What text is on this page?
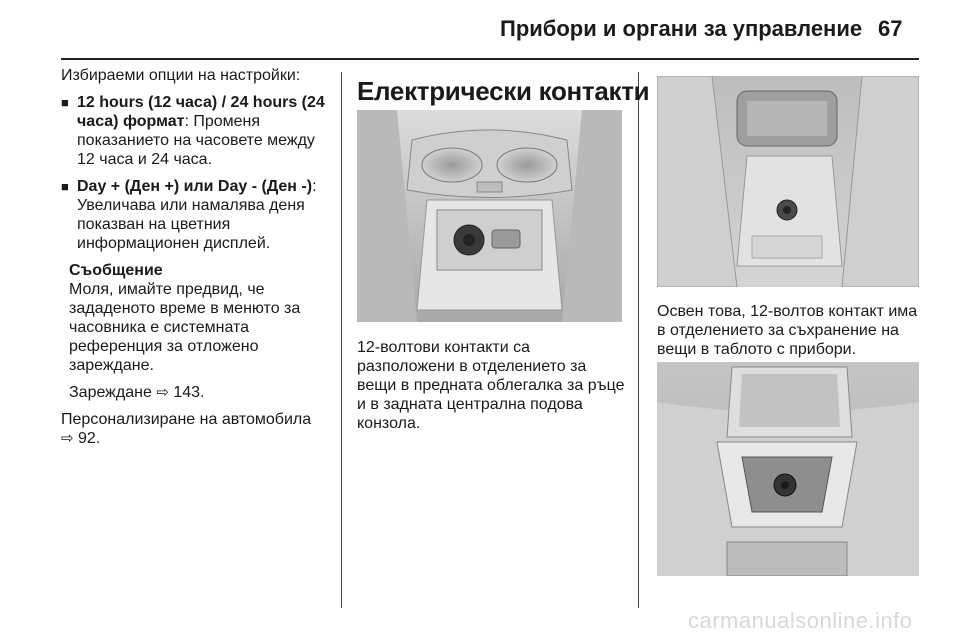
Прибори и органи за управление 67

Избираеми опции на настройки:

■ 12 hours (12 часа) / 24 hours (24 часа) формат: Променя показанието на часовете между 12 часа и 24 часа.
■ Day + (Ден +) или Day - (Ден -): Увеличава или намалява деня показван на цветния информационен дисплей.
Съобщение

Моля, имайте предвид, че зададеното време в менюто за часовника е системната референция за отложено зареждане.

Зареждане ⇨ 143.

Персонализиране на автомобила
⇨ 92.

Електрически контакти
12-волтови контакти са разположени в отделението за вещи в предната облегалка за ръце и в задната централна подова конзола.
Освен това, 12-волтов контакт има в отделението за съхранение на вещи в таблото с прибори.
carmanualsonline.info
